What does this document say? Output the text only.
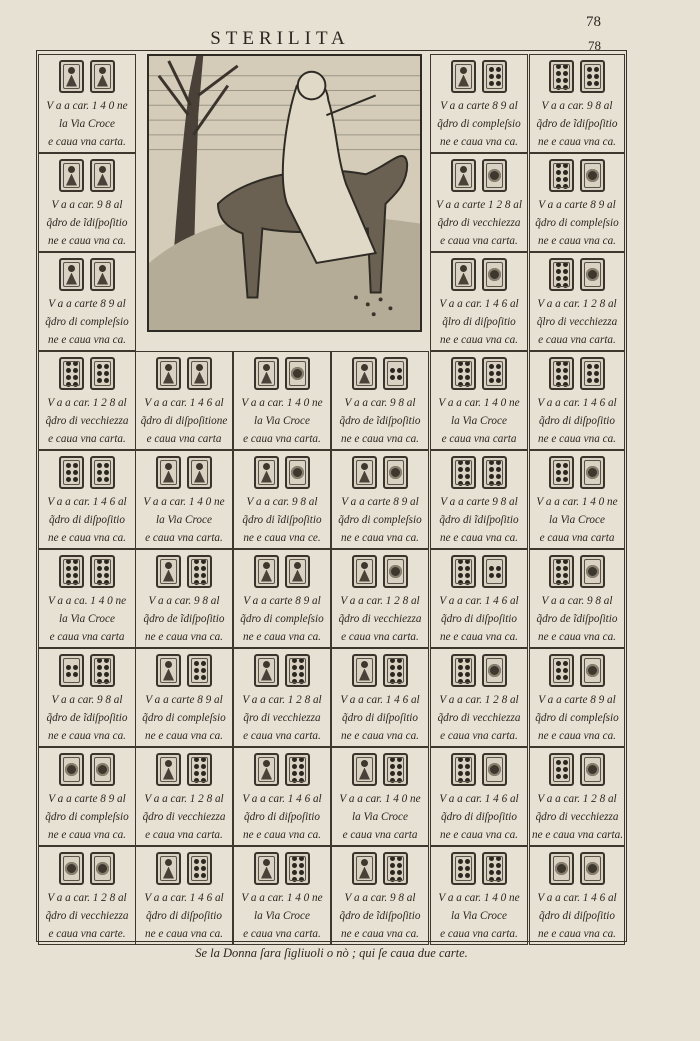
78
STERILITA	78
V a a car. 1 4 0 ne
la Via Croce
e caua vna carta.
V a a car. 9 8 al
q̃dro de ĩdiſpoſitio
ne e caua vna ca.
V a a carte 8 9 al
q̃dro di compleſsio
ne e caua vna ca.
V a a carte 8 9 al
q̃dro di compleſsio
ne e caua vna ca.
V a a car. 9 8 al
q̃dro de ĩdiſpoſitio
ne e caua vna ca.
V a a carte 1 2 8 al
q̃dro di vecchiezza
e caua vna carta.
V a a carte 8 9 al
q̃dro di compleſsio
ne e caua vna ca.
V a a car. 1 4 6 al
q̃lro di diſpoſitio
ne e caua vna ca.
V a a car. 1 2 8 al
q̃lro di vecchiezza
e caua vna carta.
V a a car. 1 2 8 al
q̃dro di vecchiezza
e caua vna carta.
V a a car. 1 4 6 al
q̃dro di diſpoſitione
e caua vna carta
V a a car. 1 4 0 ne
la Via Croce
e caua vna carta.
V a a car. 9 8 al
q̃dro de ĩdiſpoſitio
ne e caua vna ca.
V a a car. 1 4 0 ne
la Via Croce
e caua vna carta
V a a car. 1 4 6 al
q̃dro di diſpoſitio
ne e caua vna ca.
V a a car. 1 4 6 al
q̃dro di diſpoſitio
ne e caua vna ca.
V a a car. 1 4 0 ne
la Via Croce
e caua vna carta.
V a a car. 9 8 al
q̃dro di ĩdiſpoſitio
ne e caua vna ce.
V a a carte 8 9 al
q̃dro di compleſsio
ne e caua vna ca.
V a a carte 9 8 al
q̃dro di ĩdiſpoſitio
ne e caua vna ca.
V a a car. 1 4 0 ne
la Via Croce
e caua vna carta
V a a ca. 1 4 0 ne
la Via Croce
e caua vna carta
V a a car. 9 8 al
q̃dro de ĩdiſpoſitio
ne e caua vna ca.
V a a carte 8 9 al
q̃dro di compleſsio
ne e caua vna ca.
V a a car. 1 2 8 al
q̃dro di vecchiezza
e caua vna carta.
V a a car. 1 4 6 al
q̃dro di diſpoſitio
ne e caua vna ca.
V a a car. 9 8 al
q̃dro de ĩdiſpoſitio
ne e caua vna ca.
V a a car. 9 8 al
q̃dro de ĩdiſpoſitio
ne e caua vna ca.
V a a carte 8 9 al
q̃dro di compleſsio
ne e caua vna ca.
V a a car. 1 2 8 al
q̃ro di vecchiezza
e caua vna carta.
V a a car. 1 4 6 al
q̃dro di diſpoſitio
ne e caua vna ca.
V a a car. 1 2 8 al
q̃dro di vecchiezza
e caua vna carta.
V a a carte 8 9 al
q̃dro di compleſsio
ne e caua vna ca.
V a a carte 8 9 al
q̃dro di compleſsio
ne e caua vna ca.
V a a car. 1 2 8 al
q̃dro di vecchiezza
e caua vna carta.
V a a car. 1 4 6 al
q̃dro di diſpoſitio
ne e caua vna ca.
V a a car. 1 4 0 ne
la Via Croce
e caua vna carta
V a a car. 1 4 6 al
q̃dro di diſpoſitio
ne e caua vna ca.
V a a car. 1 2 8 al
q̃dro di vecchiezza
ne e caua vna carta.
V a a car. 1 2 8 al
q̃dro di vecchiezza
e caua vna carte.
V a a car. 1 4 6 al
q̃dro di diſpoſitio
ne e caua vna ca.
V a a car. 1 4 0 ne
la Via Croce
e caua vna carta.
V a a car. 9 8 al
q̃dro de ĩdiſpoſitio
ne e caua vna ca.
V a a car. 1 4 0 ne
la Via Croce
e caua vna carta.
V a a car. 1 4 6 al
q̃dro di diſpoſitio
ne e caua vna ca.
Se la Donna ſara ſigliuoli o nò ; qui ſe caua due carte.
